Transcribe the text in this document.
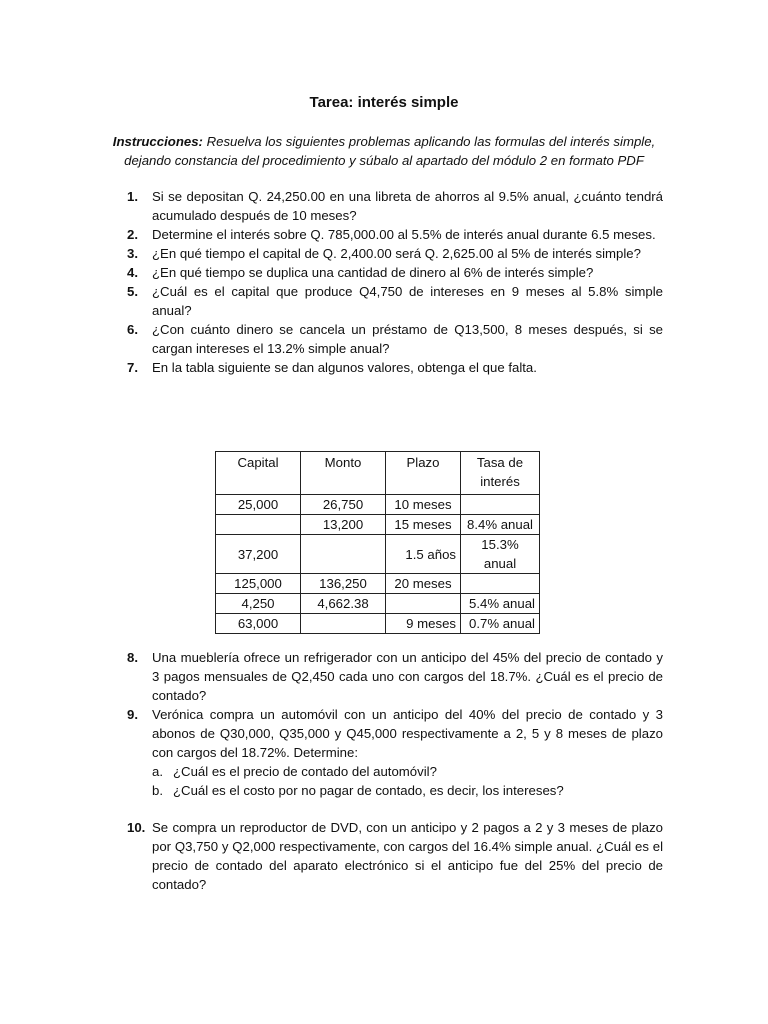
Tarea: interés simple
Instrucciones: Resuelva los siguientes problemas aplicando las formulas del interés simple, dejando constancia del procedimiento y súbalo al apartado del módulo 2 en formato PDF
1.	Si se depositan Q. 24,250.00 en una libreta de ahorros al 9.5% anual, ¿cuánto tendrá acumulado después de 10 meses?
2.	Determine el interés sobre Q. 785,000.00 al 5.5% de interés anual durante 6.5 meses.
3.	¿En qué tiempo el capital de Q. 2,400.00 será Q. 2,625.00 al 5% de interés simple?
4.	¿En qué tiempo se duplica una cantidad de dinero al 6% de interés simple?
5.	¿Cuál es el capital que produce Q4,750 de intereses en 9 meses al 5.8% simple anual?
6.	¿Con cuánto dinero se cancela un préstamo de Q13,500, 8 meses después, si se cargan intereses el 13.2% simple anual?
7.	En la tabla siguiente se dan algunos valores, obtenga el que falta.
Capital	Monto	Plazo	Tasa de interés
25,000	26,750	10 meses	
	13,200	15 meses	8.4% anual
37,200		1.5 años	15.3% anual
125,000	136,250	20 meses	
4,250	4,662.38		5.4% anual
63,000		9 meses	0.7% anual
8.	Una mueblería ofrece un refrigerador con un anticipo del 45% del precio de contado y 3 pagos mensuales de Q2,450 cada uno con cargos del 18.7%. ¿Cuál es el precio de contado?
9.	Verónica compra un automóvil con un anticipo del 40% del precio de contado y 3 abonos de Q30,000, Q35,000 y Q45,000 respectivamente a 2, 5 y 8 meses de plazo con cargos del 18.72%. Determine:
a. ¿Cuál es el precio de contado del automóvil?
b. ¿Cuál es el costo por no pagar de contado, es decir, los intereses?
10. Se compra un reproductor de DVD, con un anticipo y 2 pagos a 2 y 3 meses de plazo por Q3,750 y Q2,000 respectivamente, con cargos del 16.4% simple anual. ¿Cuál es el precio de contado del aparato electrónico si el anticipo fue del 25% del precio de contado?
